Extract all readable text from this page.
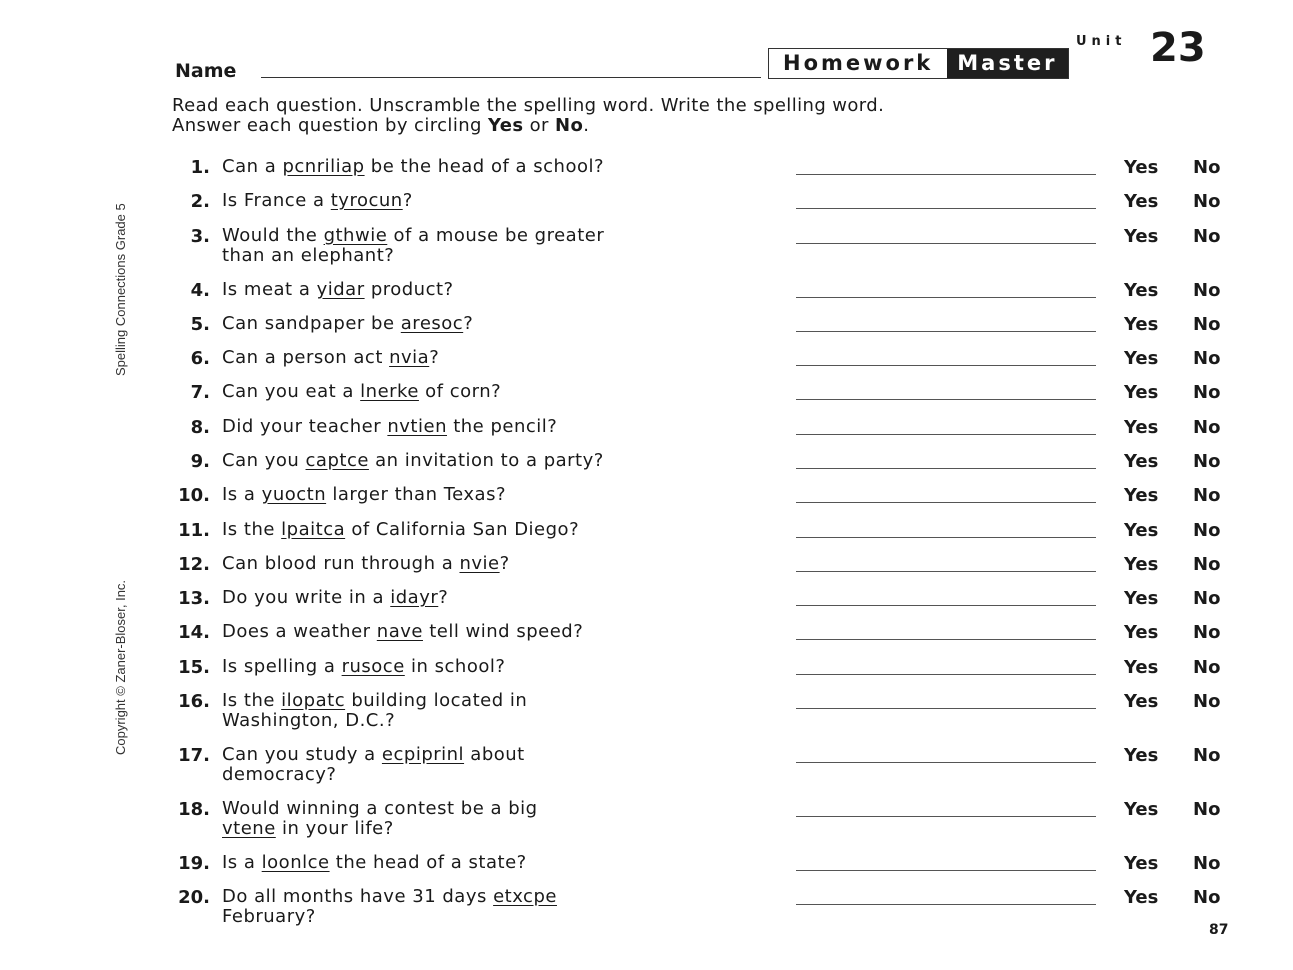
Name	Homework	Master
Unit 23
Read each question. Unscramble the spelling word. Write the spelling word.
Answer each question by circling Yes or No.
Spelling Connections Grade 5
Copyright © Zaner-Bloser, Inc.
1. Can a pcnriliap be the head of a school?	Yes No
2. Is France a tyrocun?	Yes No
3. Would the gthwie of a mouse be greater
than an elephant?
Yes No
4. Is meat a yidar product?	Yes No
5. Can sandpaper be aresoc?	Yes No
6. Can a person act nvia?	Yes No
7. Can you eat a lnerke of corn?	Yes No
8. Did your teacher nvtien the pencil?	Yes No
9. Can you captce an invitation to a party?	Yes No
10. Is a yuoctn larger than Texas?	Yes No
11. Is the lpaitca of California San Diego?	Yes No
12. Can blood run through a nvie?	Yes No
13. Do you write in a idayr?	Yes No
14. Does a weather nave tell wind speed?	Yes No
15. Is spelling a rusoce in school?	Yes No
16. Is the ilopatc building located in
Washington, D.C.?
Yes No
17. Can you study a ecpiprinl about
democracy?
Yes No
18. Would winning a contest be a big
vtene in your life?
Yes No
19. Is a loonlce the head of a state?	Yes No
20. Do all months have 31 days etxcpe
February?
Yes No
87
